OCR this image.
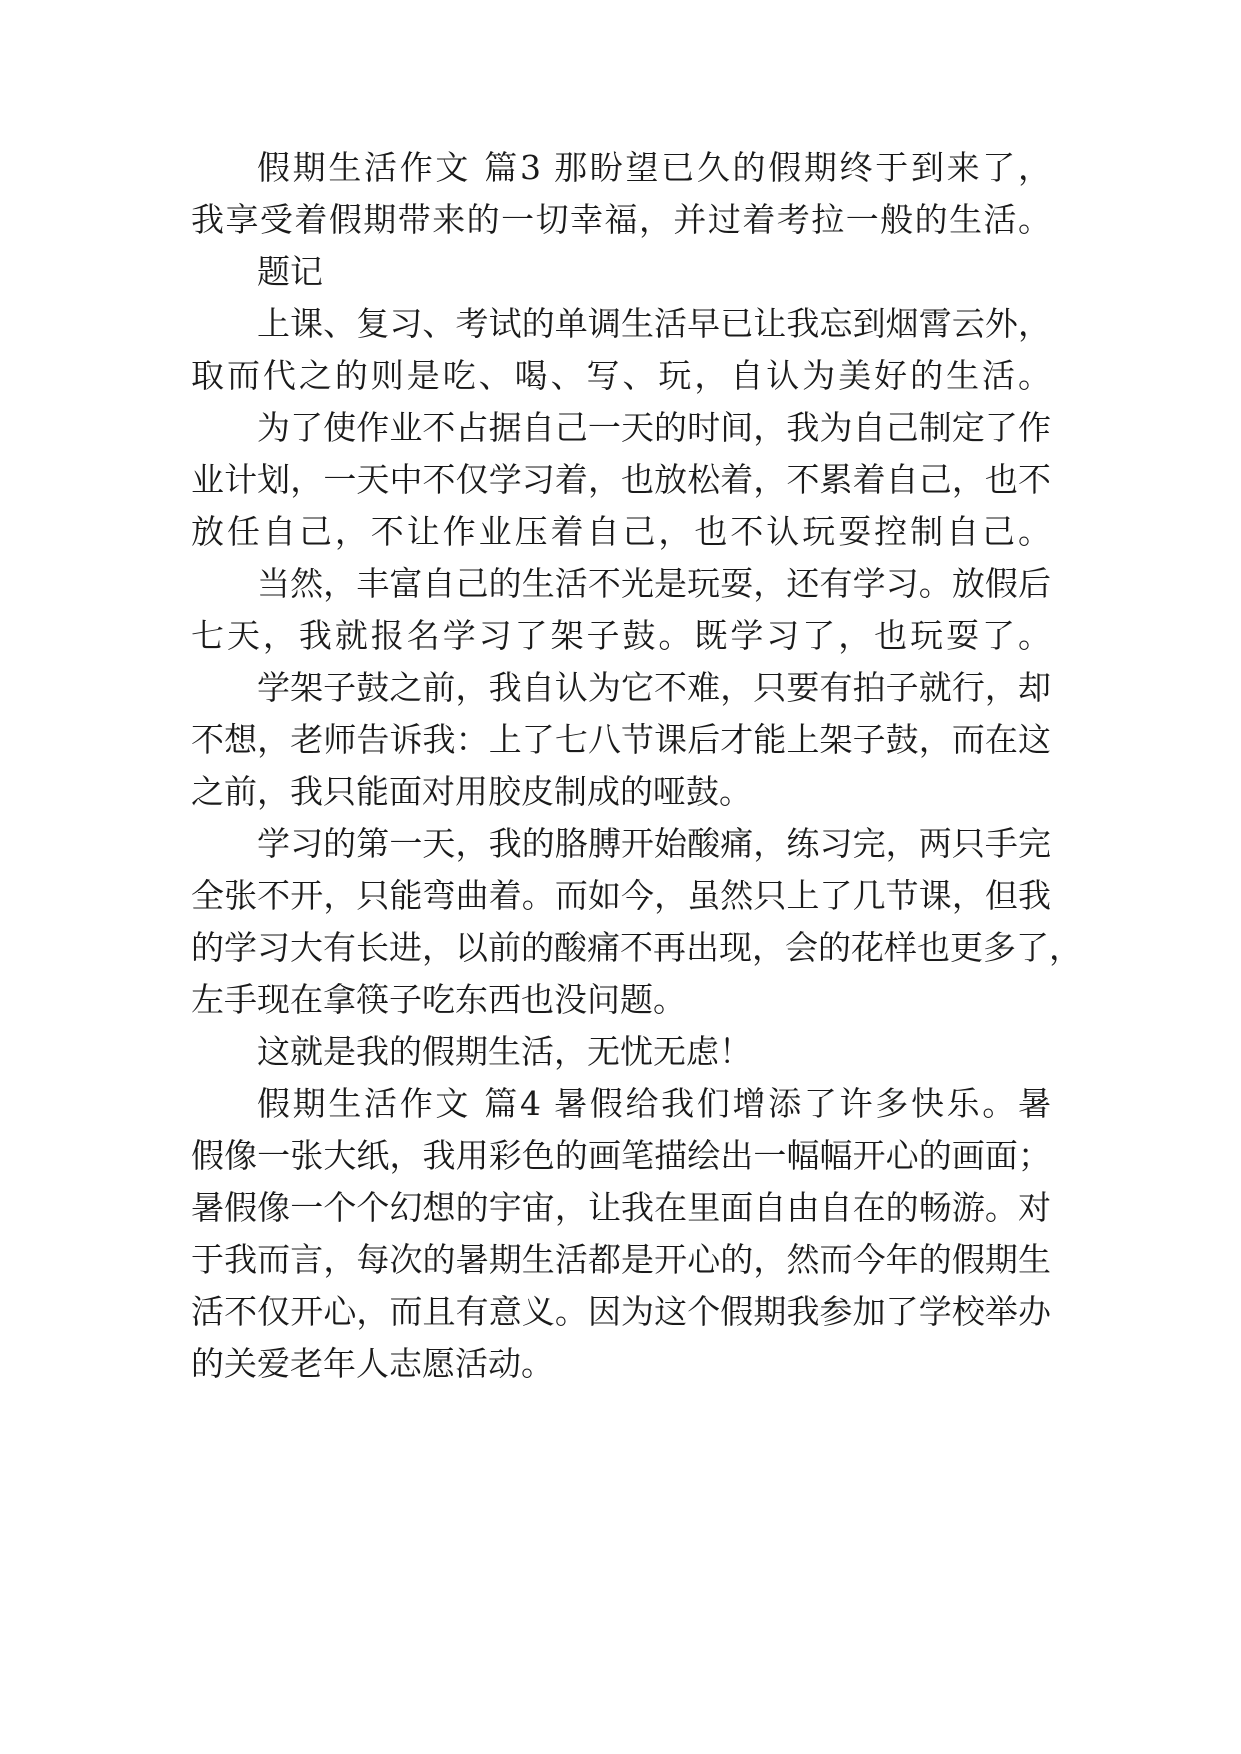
假期生活作文 篇3 那盼望已久的假期终于到来了，
我享受着假期带来的一切幸福，并过着考拉一般的生活。
题记
上课、复习、考试的单调生活早已让我忘到烟霄云外，
取而代之的则是吃、喝、写、玩，自认为美好的生活。
为了使作业不占据自己一天的时间，我为自己制定了作
业计划，一天中不仅学习着，也放松着，不累着自己，也不
放任自己，不让作业压着自己，也不认玩耍控制自己。
当然，丰富自己的生活不光是玩耍，还有学习。放假后
七天，我就报名学习了架子鼓。既学习了，也玩耍了。
学架子鼓之前，我自认为它不难，只要有拍子就行，却
不想，老师告诉我：上了七八节课后才能上架子鼓，而在这
之前，我只能面对用胶皮制成的哑鼓。
学习的第一天，我的胳膊开始酸痛，练习完，两只手完
全张不开，只能弯曲着。而如今，虽然只上了几节课，但我
的学习大有长进，以前的酸痛不再出现，会的花样也更多了，
左手现在拿筷子吃东西也没问题。
这就是我的假期生活，无忧无虑！
假期生活作文 篇4 暑假给我们增添了许多快乐。暑
假像一张大纸，我用彩色的画笔描绘出一幅幅开心的画面；
暑假像一个个幻想的宇宙，让我在里面自由自在的畅游。对
于我而言，每次的暑期生活都是开心的，然而今年的假期生
活不仅开心，而且有意义。因为这个假期我参加了学校举办
的关爱老年人志愿活动。
